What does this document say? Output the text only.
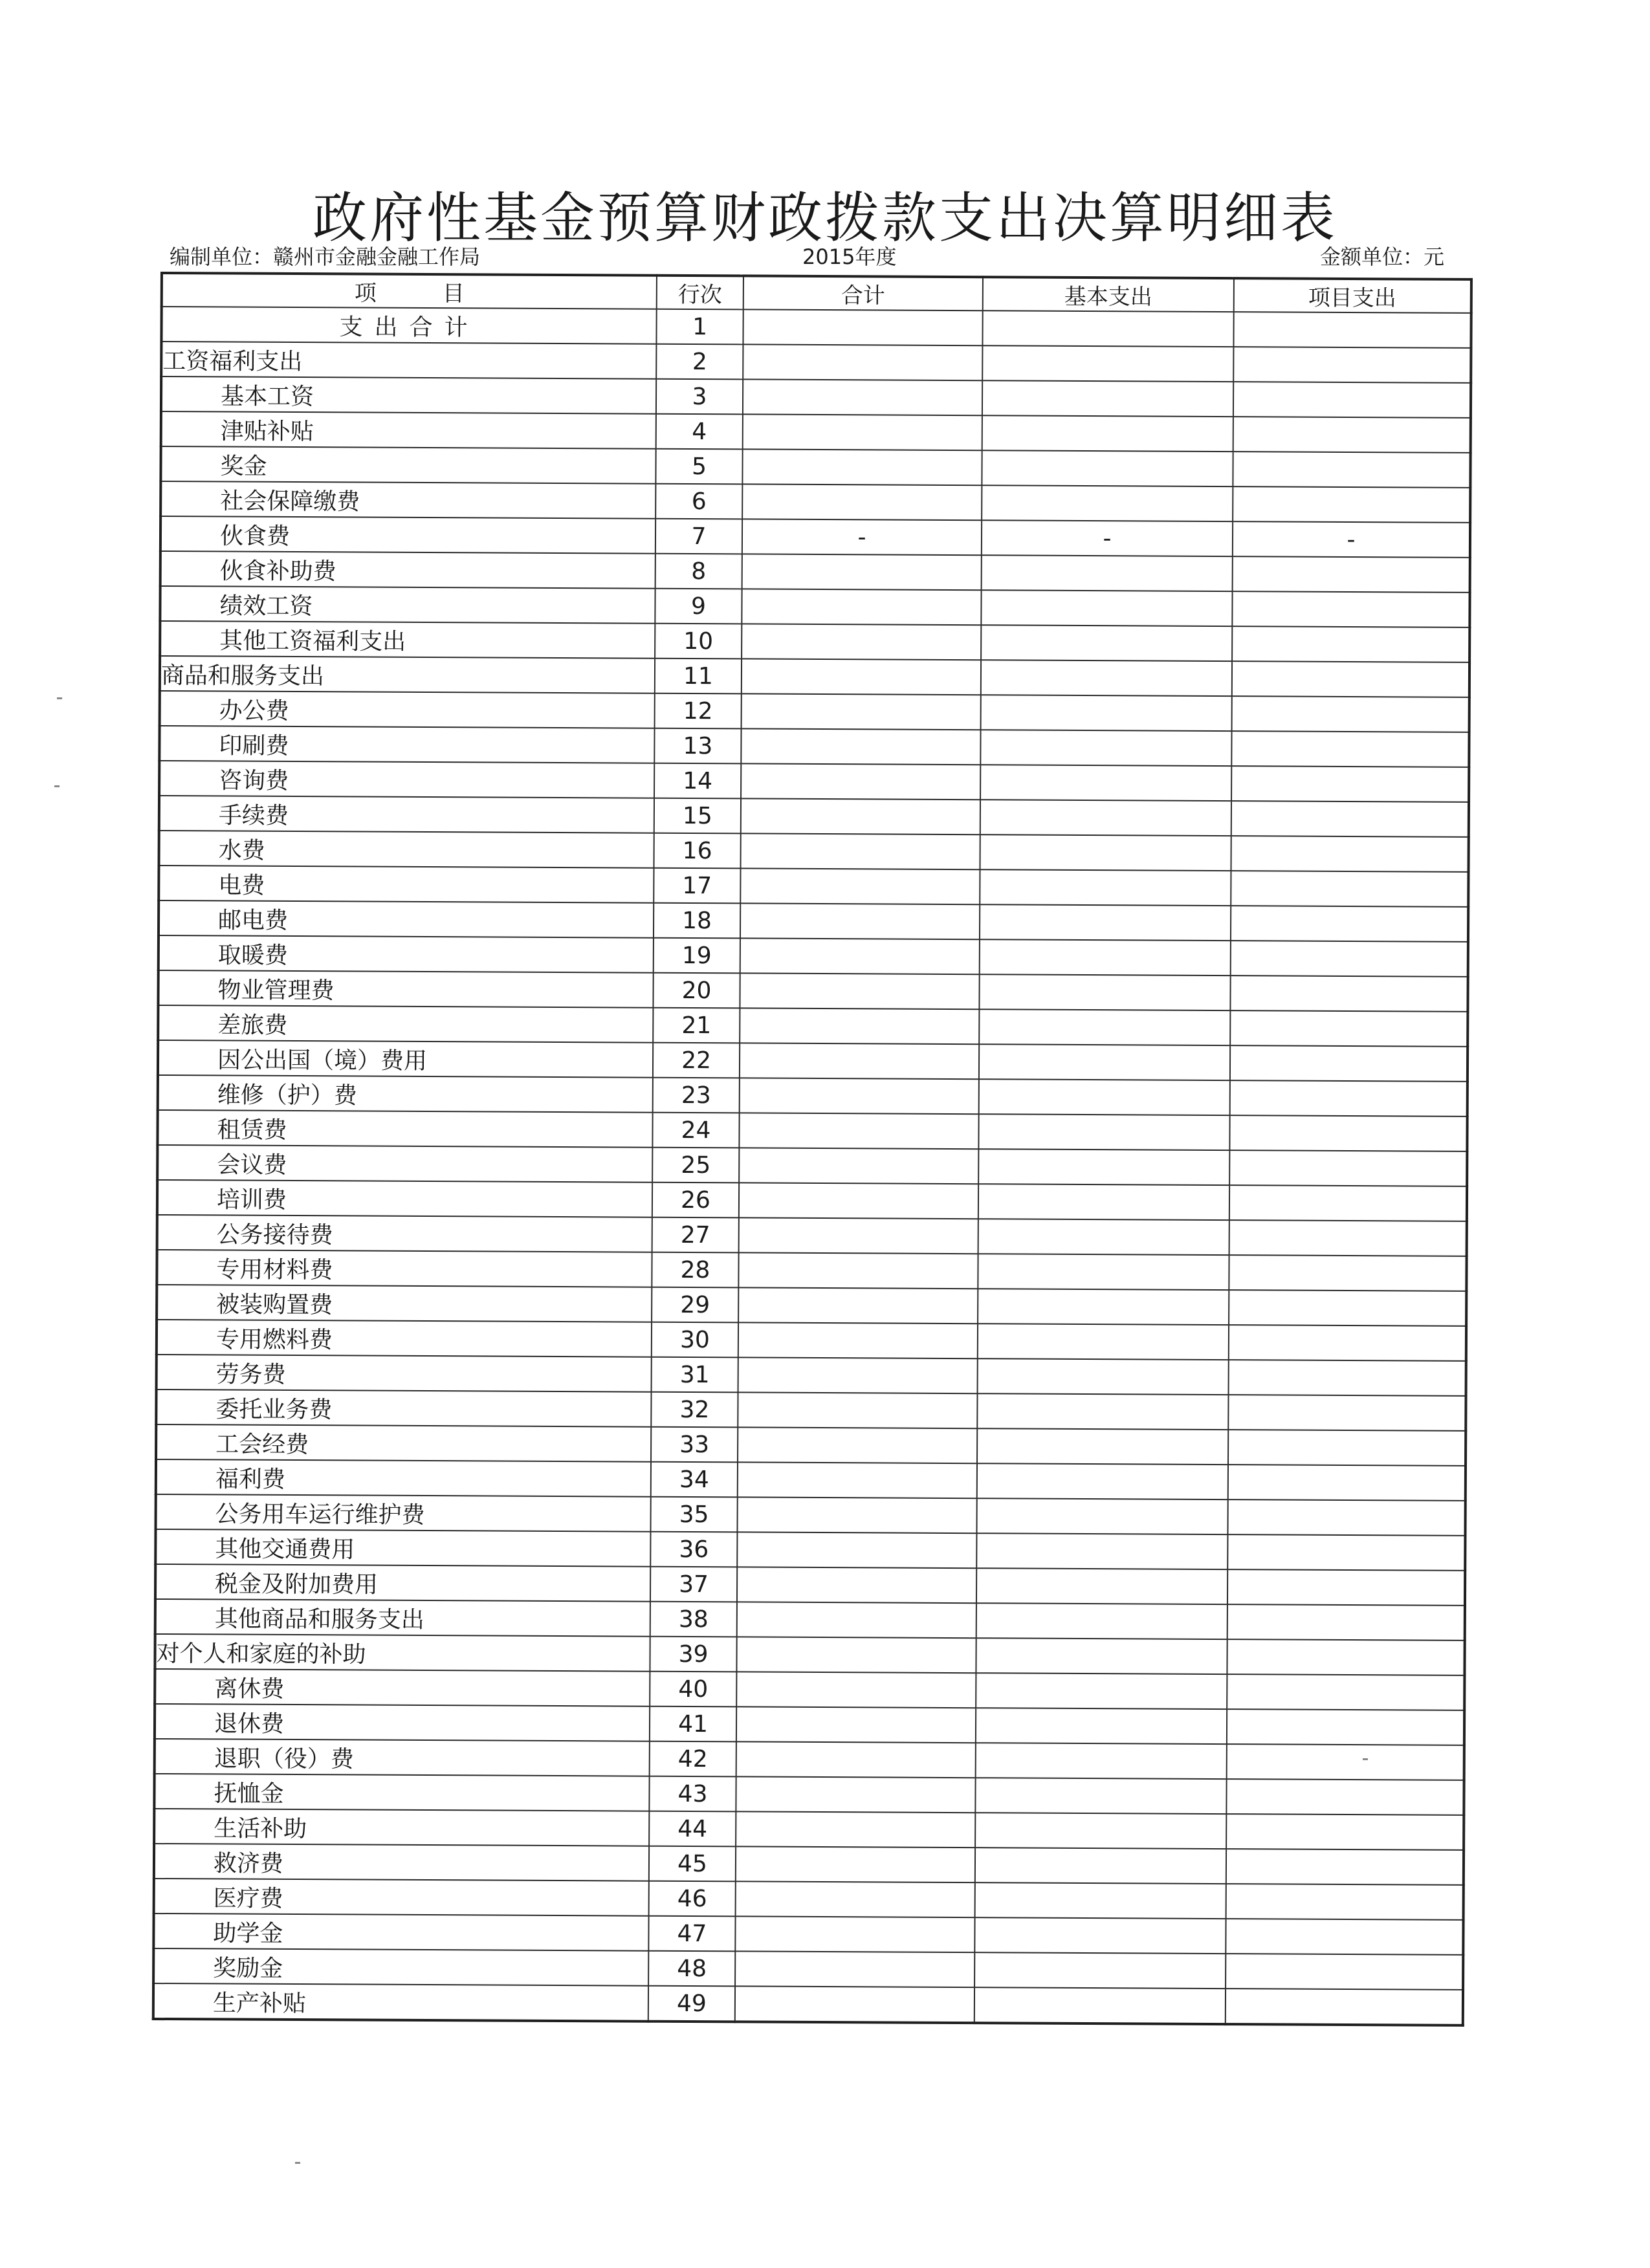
政府性基金预算财政拨款支出决算明细表
编制单位：赣州市金融金融工作局	2015年度	金额单位：元
项　　　目	行次	合计	基本支出	项目支出
支出合计	1			
工资福利支出	2			
基本工资	3			
津贴补贴	4			
奖金	5			
社会保障缴费	6			
伙食费	7	-	-	-
伙食补助费	8			
绩效工资	9			
其他工资福利支出	10			
商品和服务支出	11			
办公费	12			
印刷费	13			
咨询费	14			
手续费	15			
水费	16			
电费	17			
邮电费	18			
取暖费	19			
物业管理费	20			
差旅费	21			
因公出国（境）费用	22			
维修（护）费	23			
租赁费	24			
会议费	25			
培训费	26			
公务接待费	27			
专用材料费	28			
被装购置费	29			
专用燃料费	30			
劳务费	31			
委托业务费	32			
工会经费	33			
福利费	34			
公务用车运行维护费	35			
其他交通费用	36			
税金及附加费用	37			
其他商品和服务支出	38			
对个人和家庭的补助	39			
离休费	40			
退休费	41			
退职（役）费	42			
抚恤金	43			
生活补助	44			
救济费	45			
医疗费	46			
助学金	47			
奖励金	48			
生产补贴	49			
